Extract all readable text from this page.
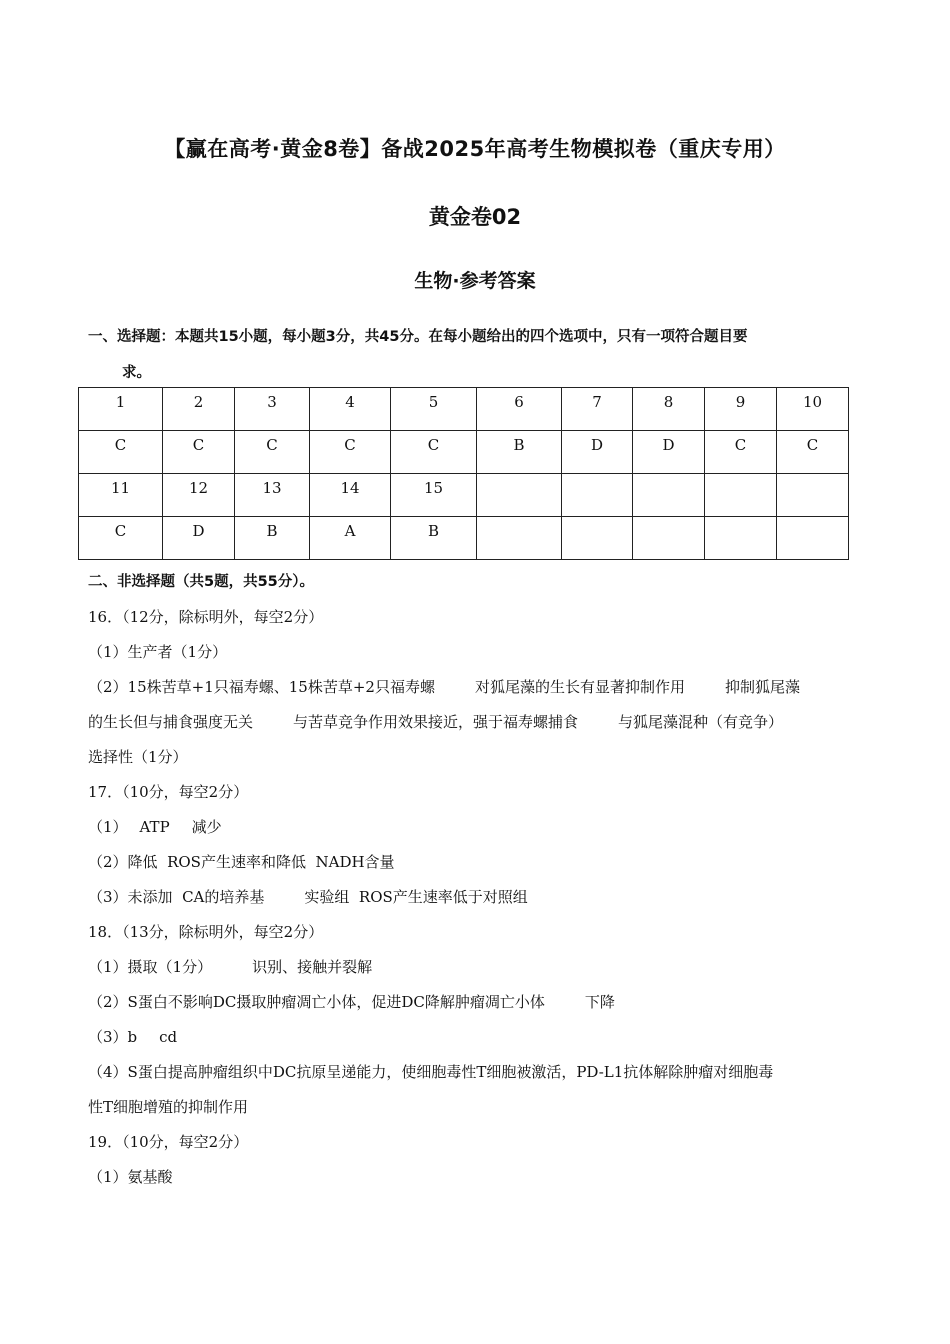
【赢在高考·黄金8卷】备战2025年高考生物模拟卷（重庆专用）
黄金卷02
生物·参考答案
一、选择题：本题共15小题，每小题3分，共45分。在每小题给出的四个选项中，只有一项符合题目要
求。
1	2	3	4	5	6	7	8	9	10
C	C	C	C	C	B	D	D	C	C
11	12	13	14	15					
C	D	B	A	B					
二、非选择题（共5题，共55分）。
16．（12分，除标明外，每空2分）
（1）生产者（1分）
（2）15株苦草+1只福寿螺、15株苦草+2只福寿螺	对狐尾藻的生长有显著抑制作用	抑制狐尾藻
的生长但与捕食强度无关	与苦草竞争作用效果接近，强于福寿螺捕食	与狐尾藻混种（有竞争）
选择性（1分）
17．（10分，每空2分）
（1） ATP 减少
（2）降低  ROS产生速率和降低  NADH含量
（3）未添加  CA的培养基	实验组  ROS产生速率低于对照组
18．（13分，除标明外，每空2分）
（1）摄取（1分）	识别、接触并裂解
（2）S蛋白不影响DC摄取肿瘤凋亡小体，促进DC降解肿瘤凋亡小体	下降
（3）b cd
（4）S蛋白提高肿瘤组织中DC抗原呈递能力，使细胞毒性T细胞被激活，PD-L1抗体解除肿瘤对细胞毒
性T细胞增殖的抑制作用
19．（10分，每空2分）
（1）氨基酸
